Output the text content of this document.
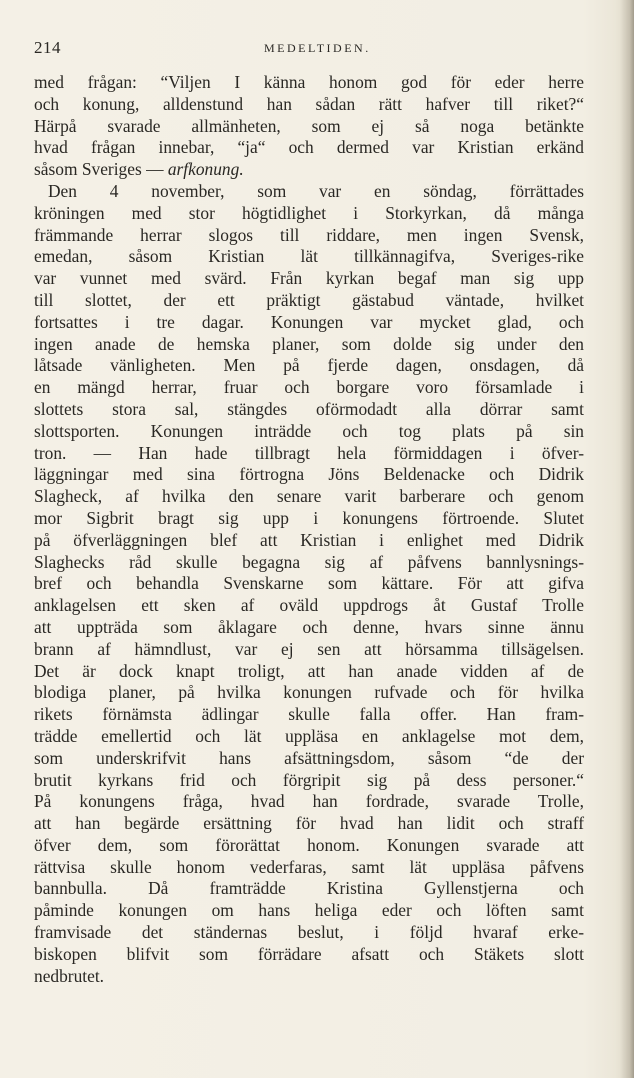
214	MEDELTIDEN.
med frågan: “Viljen I känna honom god för eder herre
och konung, alldenstund han sådan rätt hafver till riket?“
Härpå svarade allmänheten, som ej så noga betänkte
hvad frågan innebar, “ja“ och dermed var Kristian erkänd
såsom Sveriges — arfkonung.
Den 4 november, som var en söndag, förrättades
kröningen med stor högtidlighet i Storkyrkan, då många
främmande herrar slogos till riddare, men ingen Svensk,
emedan, såsom Kristian lät tillkännagifva, Sveriges-rike
var vunnet med svärd. Från kyrkan begaf man sig upp
till slottet, der ett präktigt gästabud väntade, hvilket
fortsattes i tre dagar. Konungen var mycket glad, och
ingen anade de hemska planer, som dolde sig under den
låtsade vänligheten. Men på fjerde dagen, onsdagen, då
en mängd herrar, fruar och borgare voro församlade i
slottets stora sal, stängdes oförmodadt alla dörrar samt
slottsporten. Konungen inträdde och tog plats på sin
tron. — Han hade tillbragt hela förmiddagen i öfver-
läggningar med sina förtrogna Jöns Beldenacke och Didrik
Slagheck, af hvilka den senare varit barberare och genom
mor Sigbrit bragt sig upp i konungens förtroende. Slutet
på öfverläggningen blef att Kristian i enlighet med Didrik
Slaghecks råd skulle begagna sig af påfvens bannlysnings-
bref och behandla Svenskarne som kättare. För att gifva
anklagelsen ett sken af oväld uppdrogs åt Gustaf Trolle
att uppträda som åklagare och denne, hvars sinne ännu
brann af hämndlust, var ej sen att hörsamma tillsägelsen.
Det är dock knapt troligt, att han anade vidden af de
blodiga planer, på hvilka konungen rufvade och för hvilka
rikets förnämsta ädlingar skulle falla offer. Han fram-
trädde emellertid och lät uppläsa en anklagelse mot dem,
som underskrifvit hans afsättningsdom, såsom “de der
brutit kyrkans frid och förgripit sig på dess personer.“
På konungens fråga, hvad han fordrade, svarade Trolle,
att han begärde ersättning för hvad han lidit och straff
öfver dem, som förorättat honom. Konungen svarade att
rättvisa skulle honom vederfaras, samt lät uppläsa påfvens
bannbulla. Då framträdde Kristina Gyllenstjerna och
påminde konungen om hans heliga eder och löften samt
framvisade det ständernas beslut, i följd hvaraf erke-
biskopen blifvit som förrädare afsatt och Stäkets slott
nedbrutet.
